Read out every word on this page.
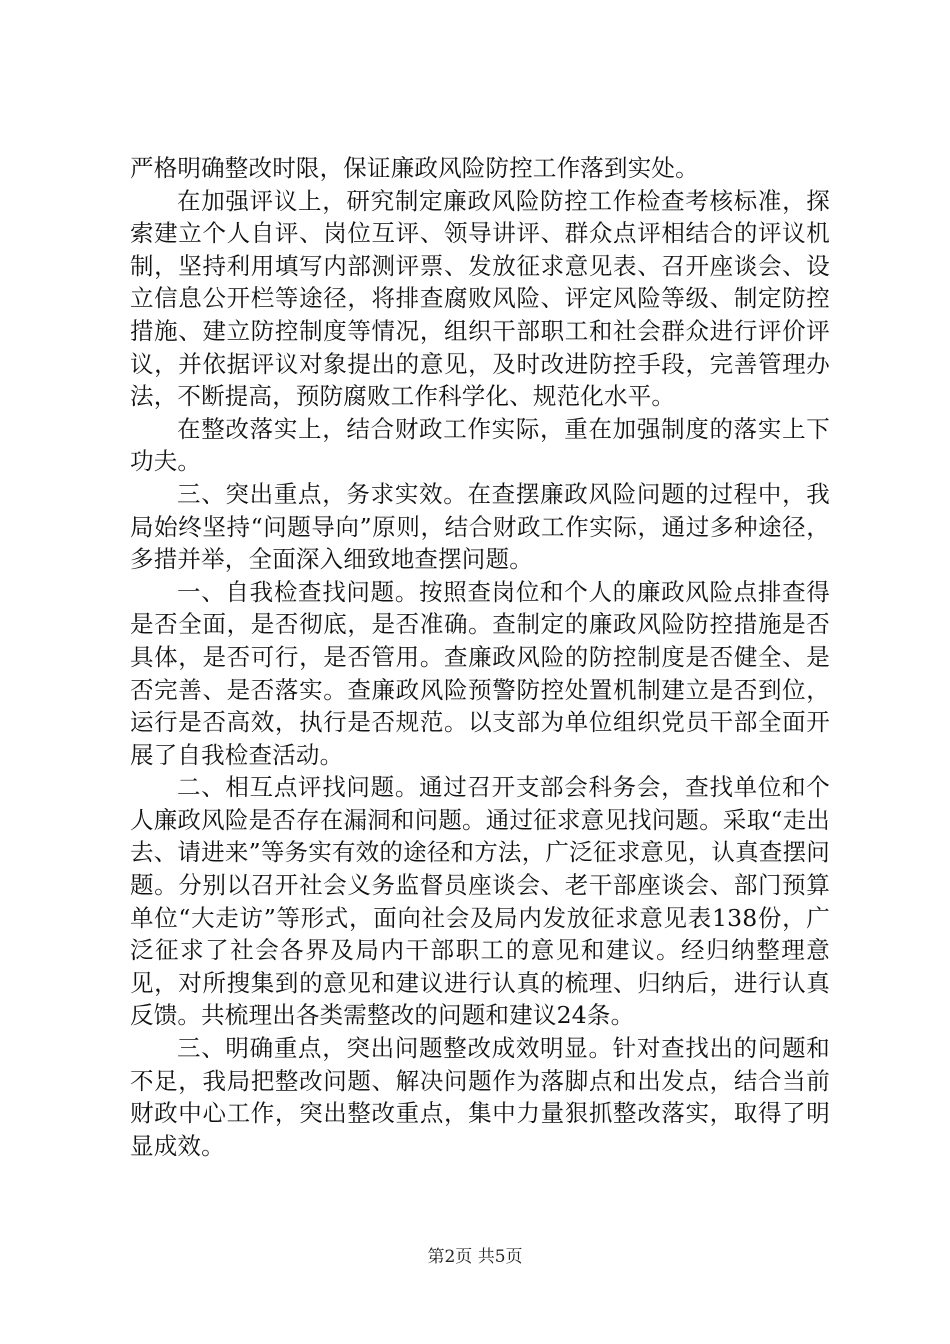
严格明确整改时限，保证廉政风险防控工作落到实处。

在加强评议上，研究制定廉政风险防控工作检查考核标准，探索建立个人自评、岗位互评、领导讲评、群众点评相结合的评议机制，坚持利用填写内部测评票、发放征求意见表、召开座谈会、设立信息公开栏等途径，将排查腐败风险、评定风险等级、制定防控措施、建立防控制度等情况，组织干部职工和社会群众进行评价评议，并依据评议对象提出的意见，及时改进防控手段，完善管理办法，不断提高，预防腐败工作科学化、规范化水平。

在整改落实上，结合财政工作实际，重在加强制度的落实上下功夫。

三、突出重点，务求实效。在查摆廉政风险问题的过程中，我局始终坚持“问题导向”原则，结合财政工作实际，通过多种途径，多措并举，全面深入细致地查摆问题。

一、自我检查找问题。按照查岗位和个人的廉政风险点排查得是否全面，是否彻底，是否准确。查制定的廉政风险防控措施是否具体，是否可行，是否管用。查廉政风险的防控制度是否健全、是否完善、是否落实。查廉政风险预警防控处置机制建立是否到位，运行是否高效，执行是否规范。以支部为单位组织党员干部全面开展了自我检查活动。

二、相互点评找问题。通过召开支部会科务会，查找单位和个人廉政风险是否存在漏洞和问题。通过征求意见找问题。采取“走出去、请进来”等务实有效的途径和方法，广泛征求意见，认真查摆问题。分别以召开社会义务监督员座谈会、老干部座谈会、部门预算单位“大走访”等形式，面向社会及局内发放征求意见表138份，广泛征求了社会各界及局内干部职工的意见和建议。经归纳整理意见，对所搜集到的意见和建议进行认真的梳理、归纳后，进行认真反馈。共梳理出各类需整改的问题和建议24条。

三、明确重点，突出问题整改成效明显。针对查找出的问题和不足，我局把整改问题、解决问题作为落脚点和出发点，结合当前财政中心工作，突出整改重点，集中力量狠抓整改落实，取得了明显成效。

第2页 共5页
